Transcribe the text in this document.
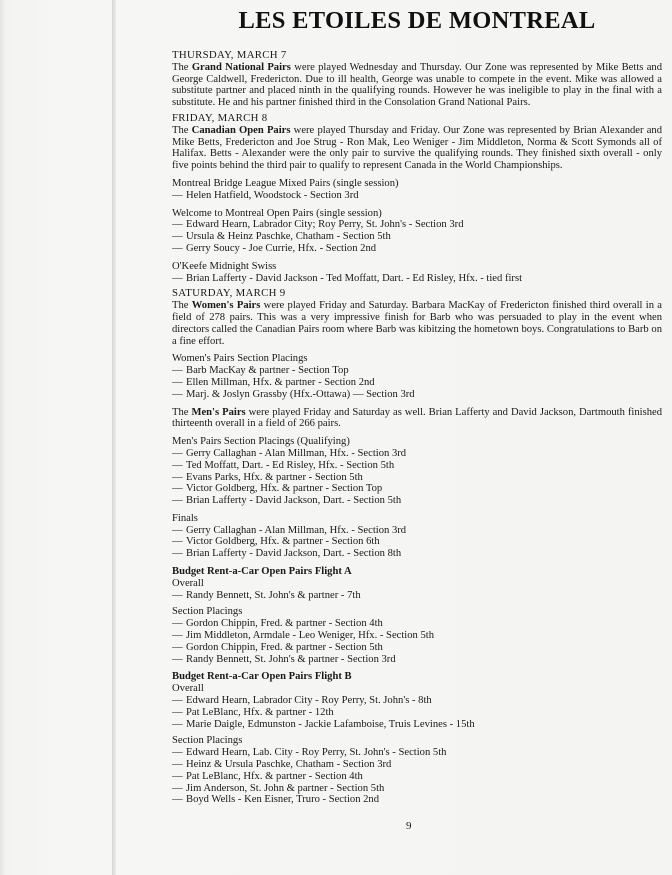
LES ETOILES DE MONTREAL
THURSDAY, MARCH 7

The Grand National Pairs were played Wednesday and Thursday. Our Zone was represented by Mike Betts and George Caldwell, Fredericton. Due to ill health, George was unable to compete in the event. Mike was allowed a substitute partner and placed ninth in the qualifying rounds. However he was ineligible to play in the final with a substitute. He and his partner finished third in the Consolation Grand National Pairs.

FRIDAY, MARCH 8

The Canadian Open Pairs were played Thursday and Friday. Our Zone was represented by Brian Alexander and Mike Betts, Fredericton and Joe Strug - Ron Mak, Leo Weniger - Jim Middleton, Norma & Scott Symonds all of Halifax. Betts - Alexander were the only pair to survive the qualifying rounds. They finished sixth overall - only five points behind the third pair to qualify to represent Canada in the World Championships.

Montreal Bridge League Mixed Pairs (single session)
— Helen Hatfield, Woodstock - Section 3rd
Welcome to Montreal Open Pairs (single session)
— Edward Hearn, Labrador City; Roy Perry, St. John's - Section 3rd
— Ursula & Heinz Paschke, Chatham - Section 5th
— Gerry Soucy - Joe Currie, Hfx. - Section 2nd
O'Keefe Midnight Swiss
— Brian Lafferty - David Jackson - Ted Moffatt, Dart. - Ed Risley, Hfx. - tied first
SATURDAY, MARCH 9

The Women's Pairs were played Friday and Saturday. Barbara MacKay of Fredericton finished third overall in a field of 278 pairs. This was a very impressive finish for Barb who was persuaded to play in the event when directors called the Canadian Pairs room where Barb was kibitzing the hometown boys. Congratulations to Barb on a fine effort.

Women's Pairs Section Placings
— Barb MacKay & partner - Section Top
— Ellen Millman, Hfx. & partner - Section 2nd
— Marj. & Joslyn Grassby (Hfx.-Ottawa) — Section 3rd

The Men's Pairs were played Friday and Saturday as well. Brian Lafferty and David Jackson, Dartmouth finished thirteenth overall in a field of 266 pairs.

Men's Pairs Section Placings (Qualifying)
— Gerry Callaghan - Alan Millman, Hfx. - Section 3rd
— Ted Moffatt, Dart. - Ed Risley, Hfx. - Section 5th
— Evans Parks, Hfx. & partner - Section 5th
— Victor Goldberg, Hfx. & partner - Section Top
— Brian Lafferty - David Jackson, Dart. - Section 5th
Finals
— Gerry Callaghan - Alan Millman, Hfx. - Section 3rd
— Victor Goldberg, Hfx. & partner - Section 6th
— Brian Lafferty - David Jackson, Dart. - Section 8th
Budget Rent-a-Car Open Pairs Flight A
Overall
— Randy Bennett, St. John's & partner - 7th
Section Placings
— Gordon Chippin, Fred. & partner - Section 4th
— Jim Middleton, Armdale - Leo Weniger, Hfx. - Section 5th
— Gordon Chippin, Fred. & partner - Section 5th
— Randy Bennett, St. John's & partner - Section 3rd
Budget Rent-a-Car Open Pairs Flight B
Overall
— Edward Hearn, Labrador City - Roy Perry, St. John's - 8th
— Pat LeBlanc, Hfx. & partner - 12th
— Marie Daigle, Edmunston - Jackie Lafamboise, Truis Levines - 15th
Section Placings
— Edward Hearn, Lab. City - Roy Perry, St. John's - Section 5th
— Heinz & Ursula Paschke, Chatham - Section 3rd
— Pat LeBlanc, Hfx. & partner - Section 4th
— Jim Anderson, St. John & partner - Section 5th
— Boyd Wells - Ken Eisner, Truro - Section 2nd
9
